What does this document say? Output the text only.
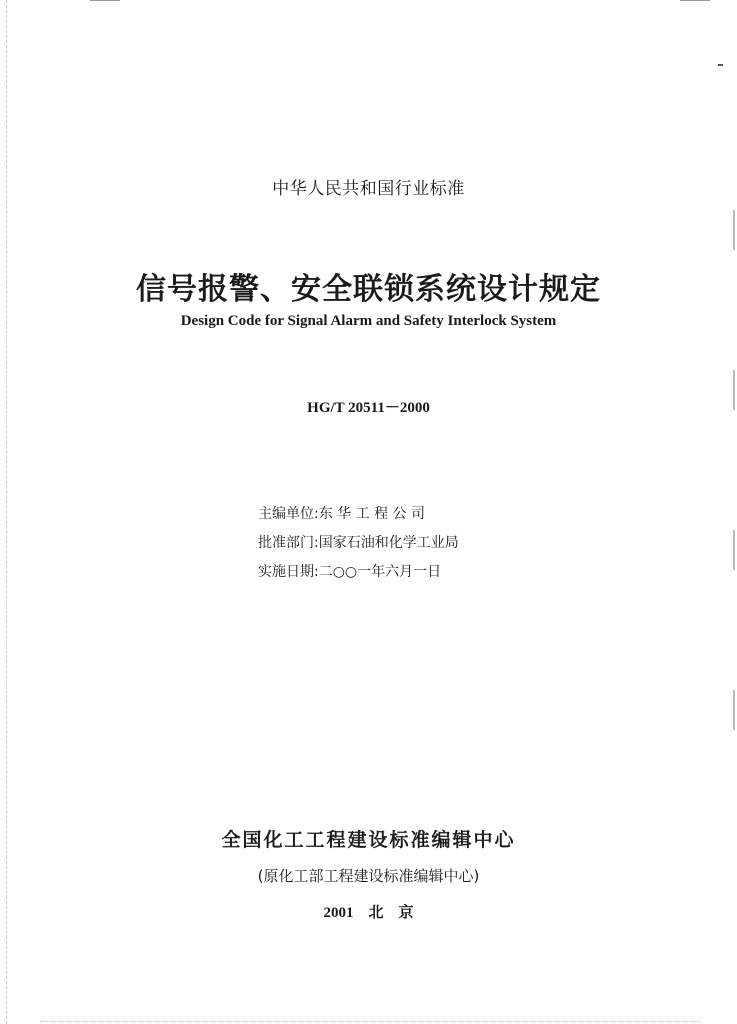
中华人民共和国行业标准
信号报警、安全联锁系统设计规定
Design Code for Signal Alarm and Safety Interlock System
HG/T 20511－2000
主编单位:东 华 工 程 公 司
批准部门:国家石油和化学工业局
实施日期:二○○一年六月一日
全国化工工程建设标准编辑中心
(原化工部工程建设标准编辑中心)
2001　北　京
